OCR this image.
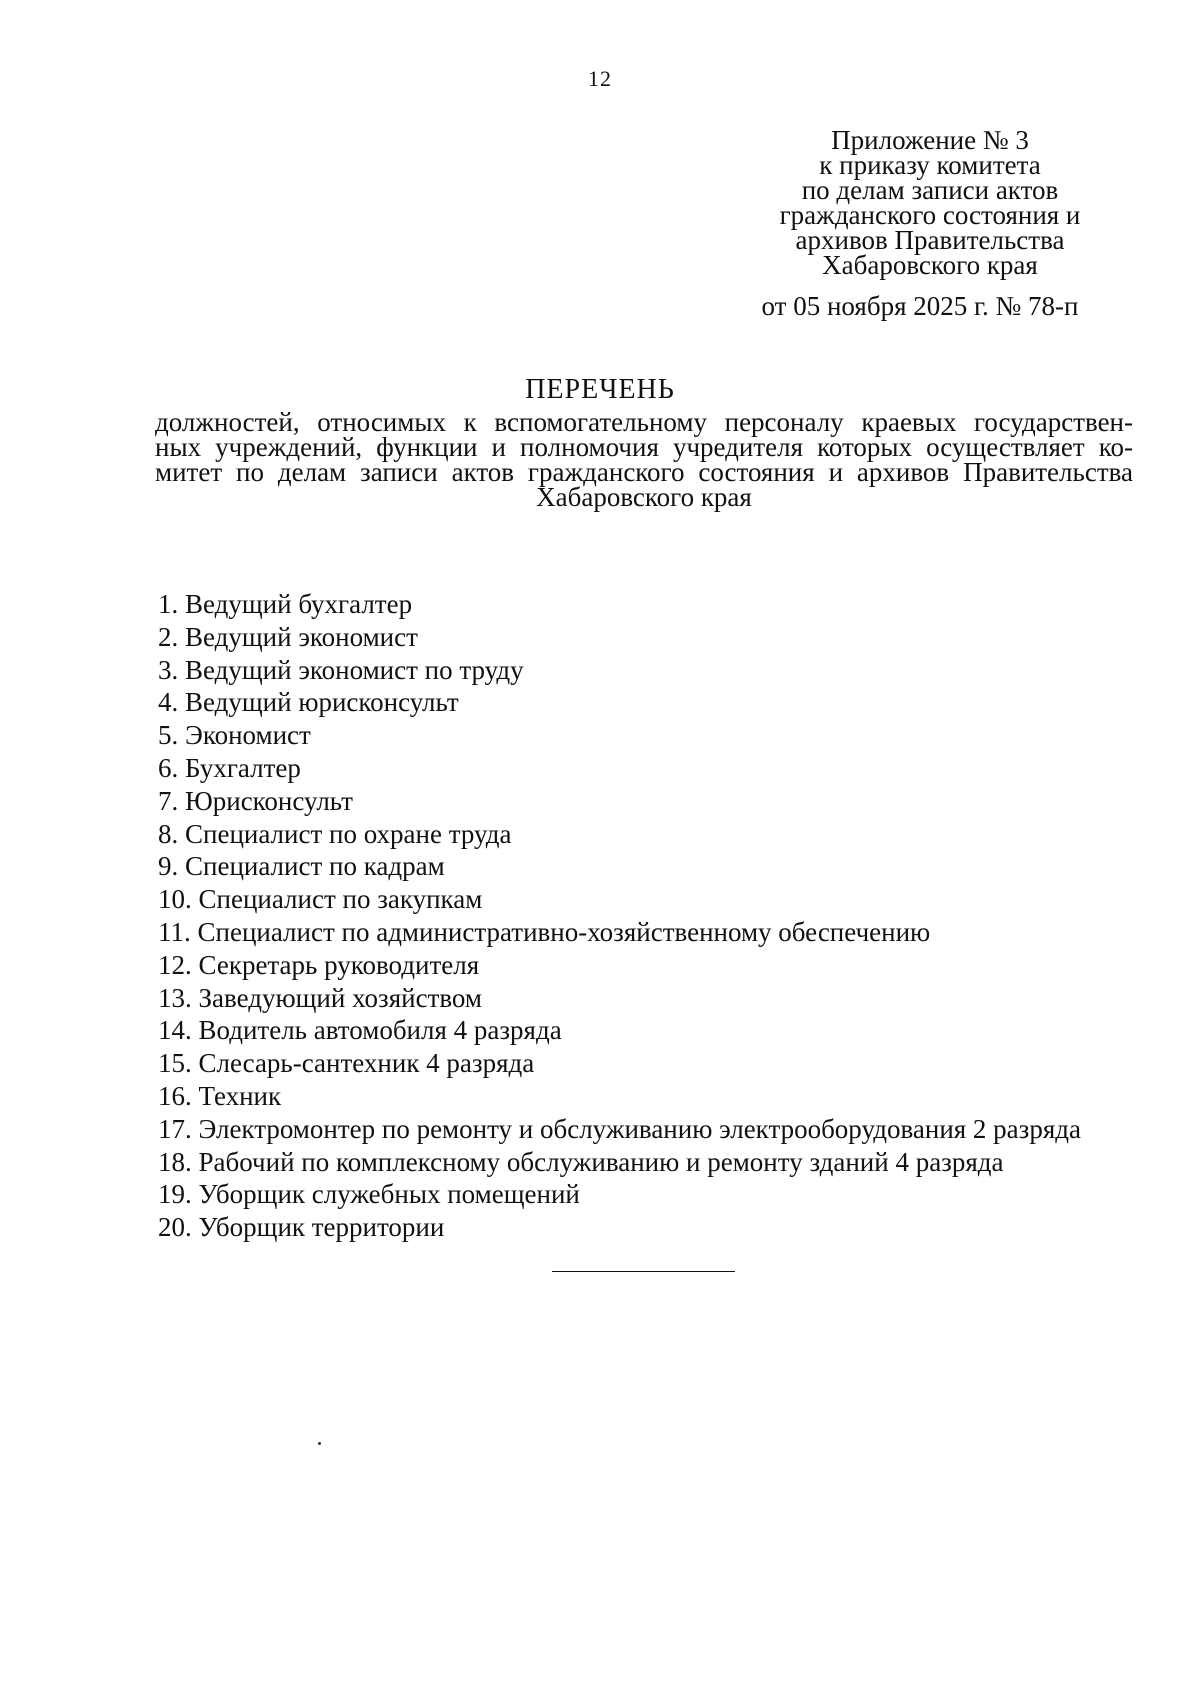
12
Приложение № 3
к приказу комитета
по делам записи актов
гражданского состояния и
архивов Правительства
Хабаровского края
от 05 ноября 2025 г. № 78-п
ПЕРЕЧЕНЬ
должностей, относимых к вспомогательному персоналу краевых государствен-
ных учреждений, функции и полномочия учредителя которых осуществляет ко-
митет по делам записи актов гражданского состояния и архивов Правительства
Хабаровского края
1. Ведущий бухгалтер
2. Ведущий экономист
3. Ведущий экономист по труду
4. Ведущий юрисконсульт
5. Экономист
6. Бухгалтер
7. Юрисконсульт
8. Специалист по охране труда
9. Специалист по кадрам
10. Специалист по закупкам
11. Специалист по административно-хозяйственному обеспечению
12. Секретарь руководителя
13. Заведующий хозяйством
14. Водитель автомобиля 4 разряда
15. Слесарь-сантехник 4 разряда
16. Техник
17. Электромонтер по ремонту и обслуживанию электрооборудования 2 разряда
18. Рабочий по комплексному обслуживанию и ремонту зданий 4 разряда
19. Уборщик служебных помещений
20. Уборщик территории
